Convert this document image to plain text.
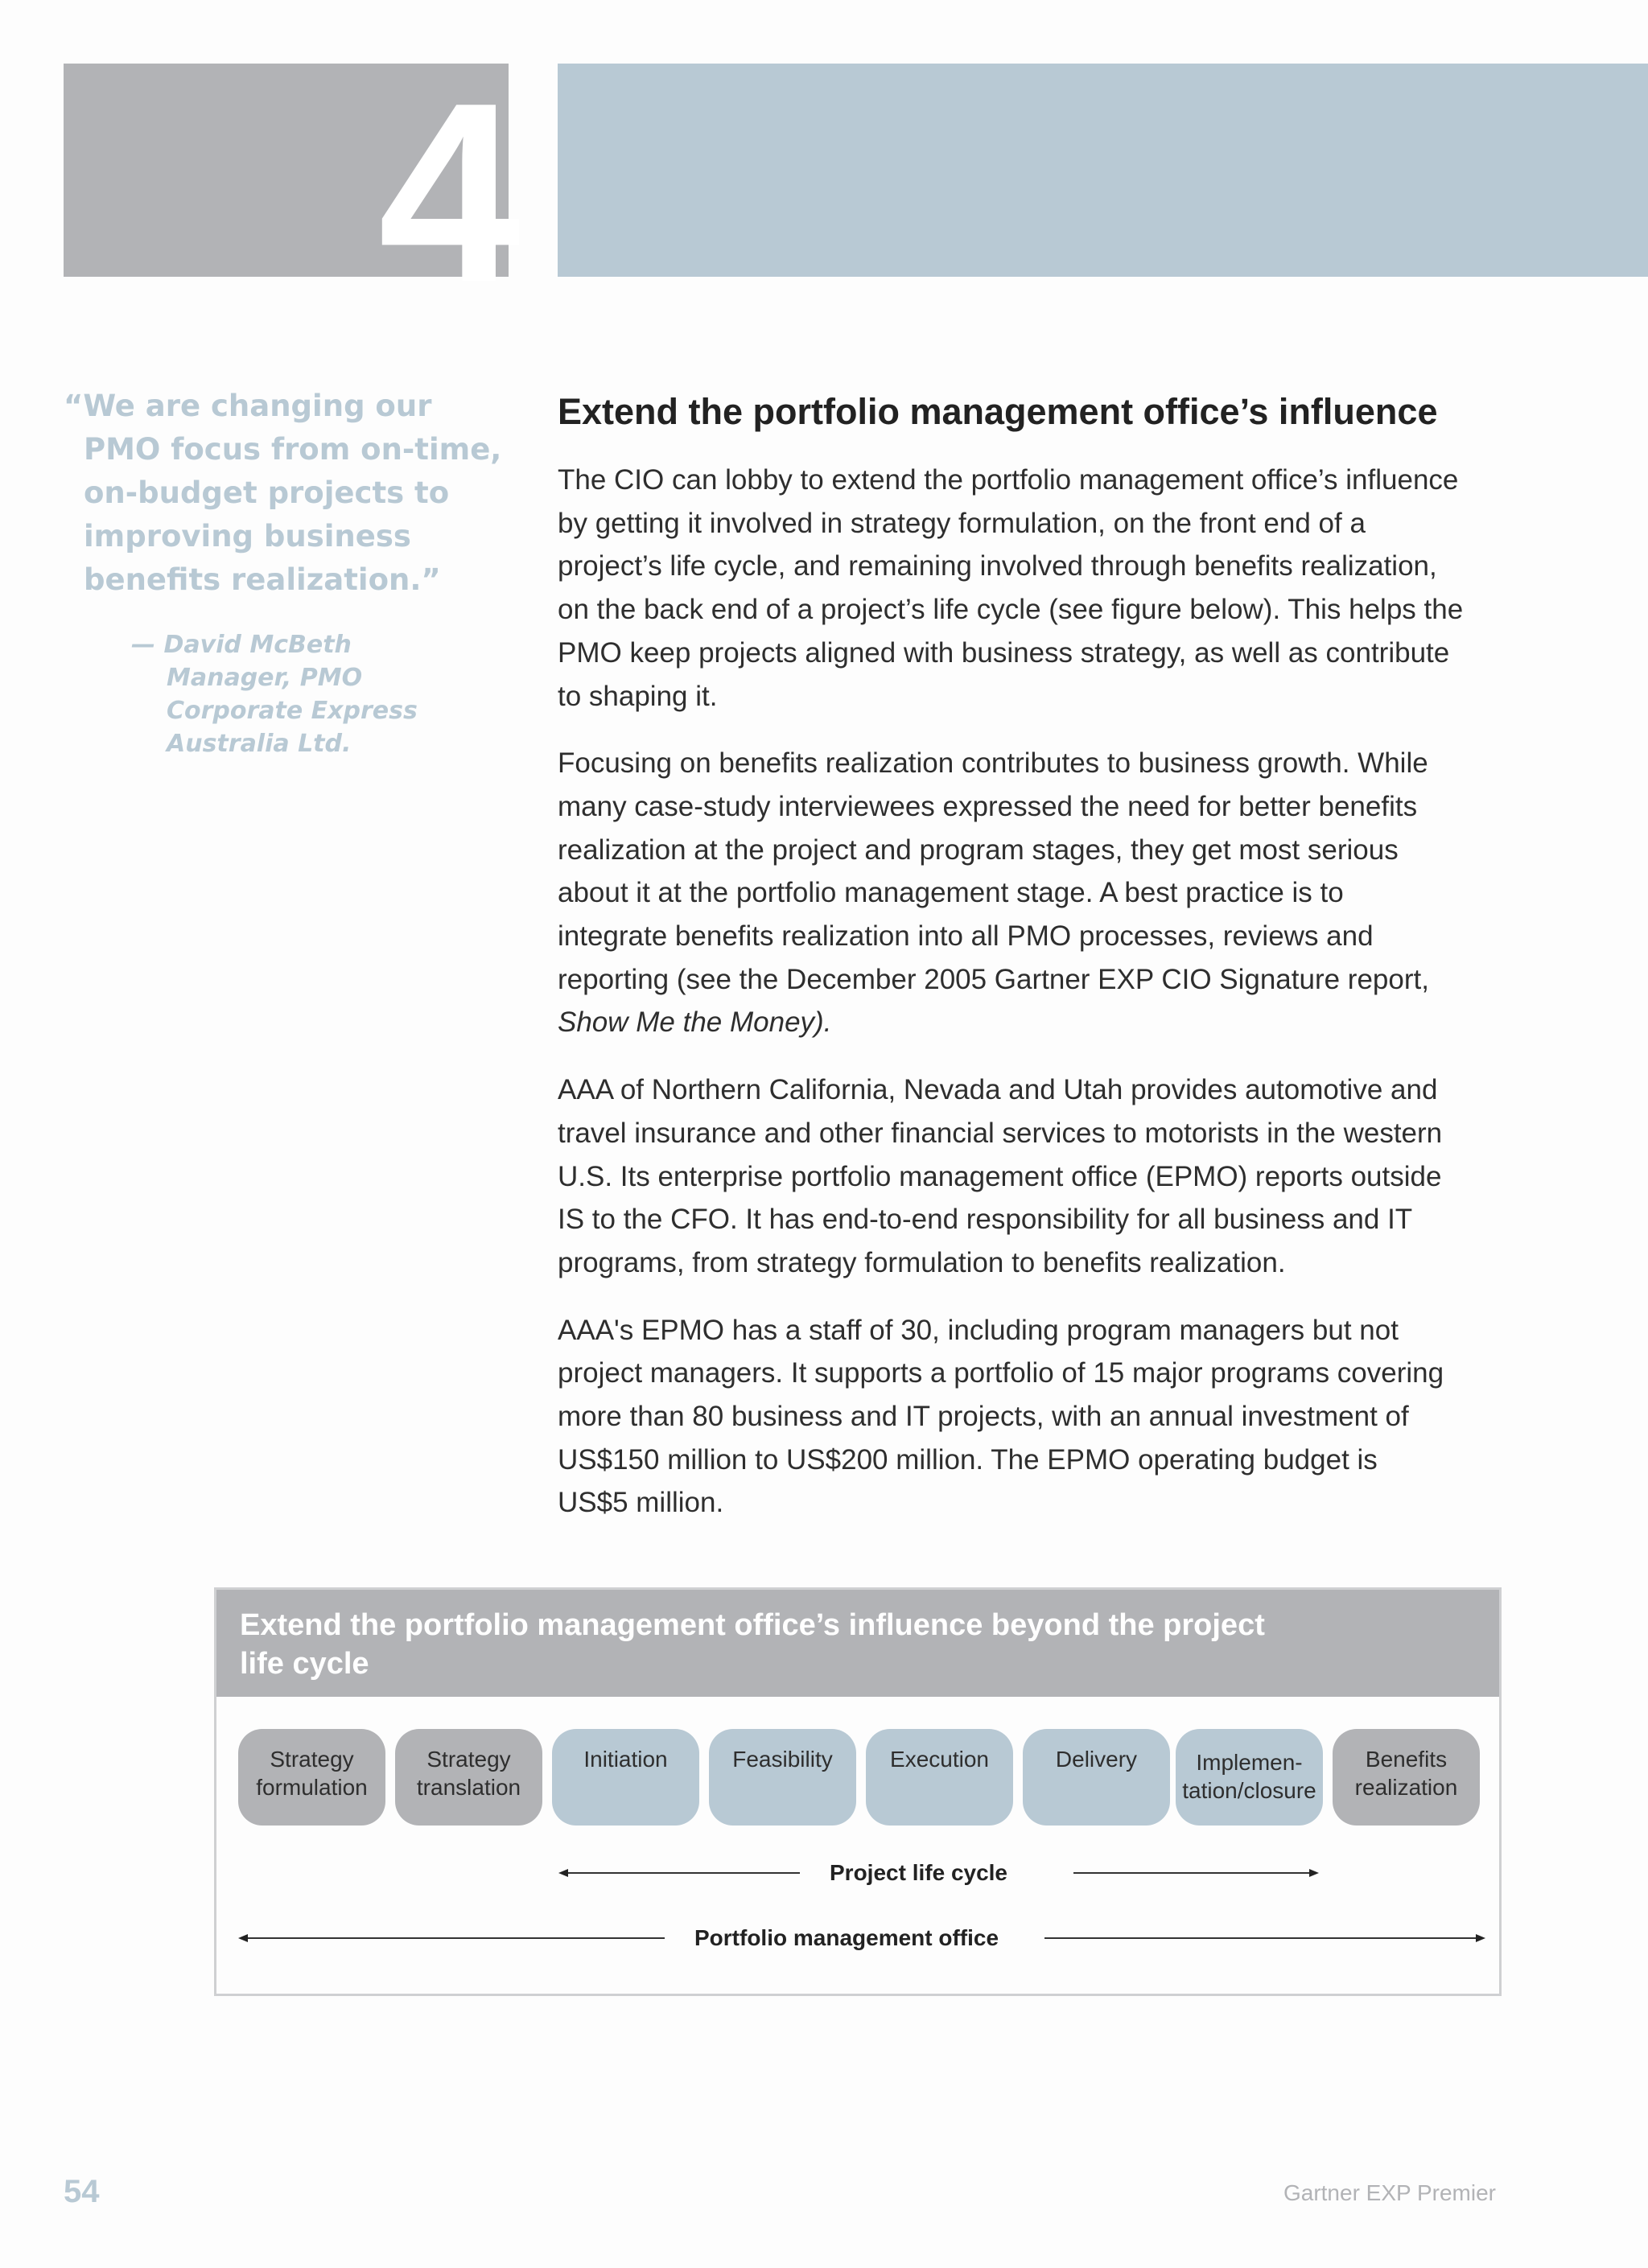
4
“We are changing our
PMO focus from on-time,
on-budget projects to
improving business
benefits realization.”
— David McBeth
Manager, PMO
Corporate Express
Australia Ltd.
Extend the portfolio management office’s influence

The CIO can lobby to extend the portfolio management office’s influence
by getting it involved in strategy formulation, on the front end of a
project’s life cycle, and remaining involved through benefits realization,
on the back end of a project’s life cycle (see figure below). This helps the
PMO keep projects aligned with business strategy, as well as contribute
to shaping it.

Focusing on benefits realization contributes to business growth. While
many case-study interviewees expressed the need for better benefits
realization at the project and program stages, they get most serious
about it at the portfolio management stage. A best practice is to
integrate benefits realization into all PMO processes, reviews and
reporting (see the December 2005 Gartner EXP CIO Signature report,
Show Me the Money).

AAA of Northern California, Nevada and Utah provides automotive and
travel insurance and other financial services to motorists in the western
U.S. Its enterprise portfolio management office (EPMO) reports outside
IS to the CFO. It has end-to-end responsibility for all business and IT
programs, from strategy formulation to benefits realization.

AAA's EPMO has a staff of 30, including program managers but not
project managers. It supports a portfolio of 15 major programs covering
more than 80 business and IT projects, with an annual investment of
US$150 million to US$200 million. The EPMO operating budget is
US$5 million.

Extend the portfolio management office’s influence beyond the project
life cycle
Strategy
formulation
Strategy
translation
Initiation	Feasibility	Execution	Delivery	Implemen-
tation/closure
Benefits
realization
Project life cycle
Portfolio management office
54	Gartner EXP Premier
